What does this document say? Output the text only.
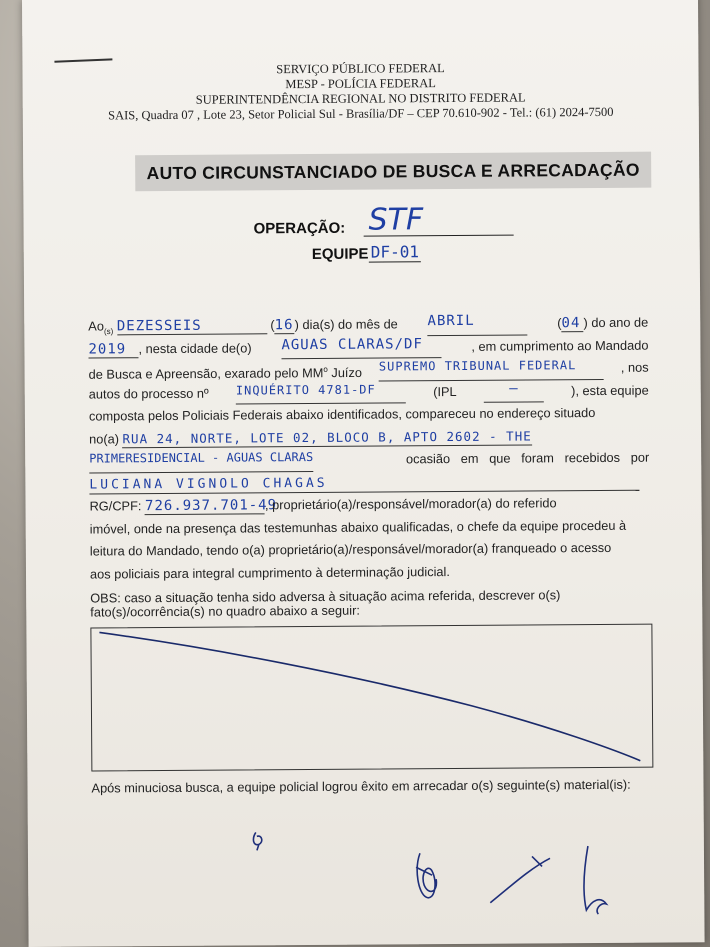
SERVIÇO PÚBLICO FEDERAL
MESP - POLÍCIA FEDERAL
SUPERINTENDÊNCIA REGIONAL NO DISTRITO FEDERAL
SAIS, Quadra 07 , Lote 23, Setor Policial Sul - Brasília/DF – CEP 70.610-902 - Tel.: (61) 2024-7500
AUTO CIRCUNSTANCIADO DE BUSCA E ARRECADAÇÃO
OPERAÇÃO: STF
EQUIPE DF-01
$Ao_{(s)}$ DEZESSEIS	(16) dia(s) do mês de ABRIL	(04 ) do ano de
2019 , nesta cidade de(o) AGUAS CLARAS/DF	, em cumprimento ao Mandado
de Busca e Apreensão, exarado pelo $MM^o$ Juízo SUPREMO TRIBUNAL FEDERAL	, nos
autos do processo nº INQUÉRITO 4781-DF	(IPL	—	), esta equipe
composta pelos Policiais Federais abaixo identificados, compareceu no endereço situado
no(a) RUA 24, NORTE, LOTE 02, BLOCO B, APTO 2602 - THE
PRIMERESIDENCIAL - AGUAS CLARAS	ocasião   em   que   foram   recebidos   por
LUCIANA VIGNOLO CHAGAS
RG/CPF: 726.937.701-49, proprietário(a)/responsável/morador(a) do referido
imóvel, onde na presença das testemunhas abaixo qualificadas, o chefe da equipe procedeu à
leitura do Mandado, tendo o(a) proprietário(a)/responsável/morador(a) franqueado o acesso
aos policiais para integral cumprimento à determinação judicial.
OBS: caso a situação tenha sido adversa à situação acima referida, descrever o(s) fato(s)/ocorrência(s) no quadro abaixo a seguir:
Após minuciosa busca, a equipe policial logrou êxito em arrecadar o(s) seguinte(s) material(is):
